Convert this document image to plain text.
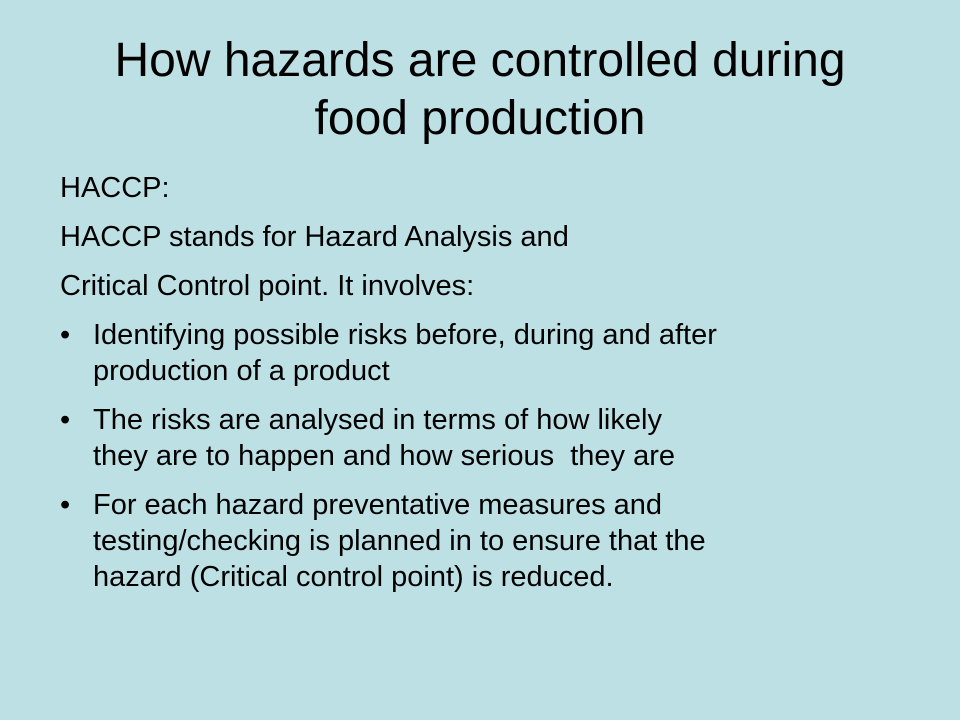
How hazards are controlled during
food production

HACCP:

HACCP stands for Hazard Analysis and

Critical Control point. It involves:

• Identifying possible risks before, during and after
production of a product
• The risks are analysed in terms of how likely
they are to happen and how serious  they are
• For each hazard preventative measures and
testing/checking is planned in to ensure that the
hazard (Critical control point) is reduced.
